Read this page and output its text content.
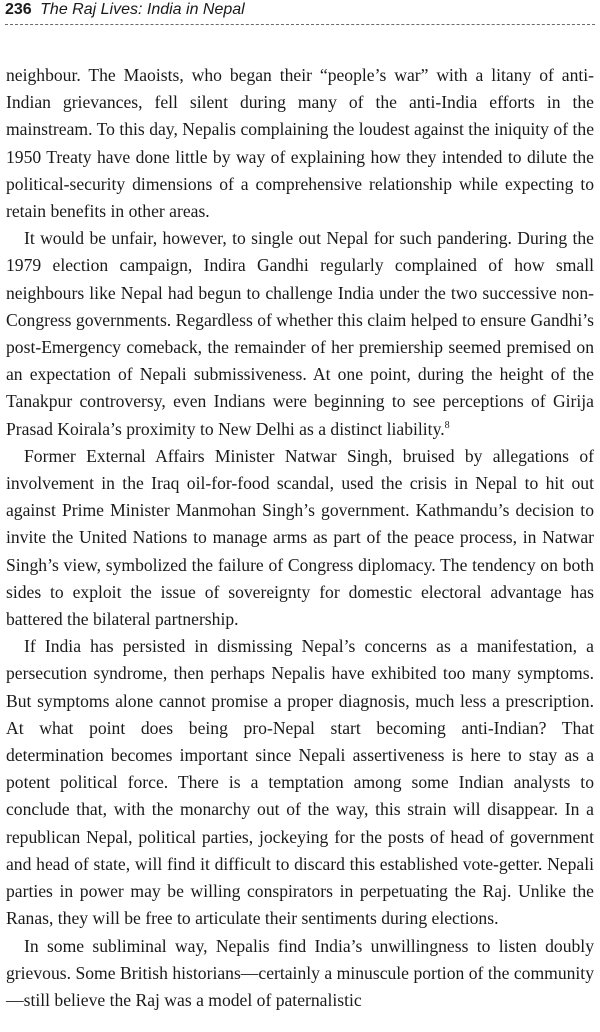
236 The Raj Lives: India in Nepal

neighbour. The Maoists, who began their “people’s war” with a litany of anti-Indian grievances, fell silent during many of the anti-India efforts in the mainstream. To this day, Nepalis complaining the loudest against the iniquity of the 1950 Treaty have done little by way of explaining how they intended to dilute the political-security dimensions of a comprehensive relationship while expecting to retain benefits in other areas.

It would be unfair, however, to single out Nepal for such pandering. During the 1979 election campaign, Indira Gandhi regularly complained of how small neighbours like Nepal had begun to challenge India under the two successive non-Congress governments. Regardless of whether this claim helped to ensure Gandhi’s post-Emergency comeback, the remainder of her premiership seemed premised on an expectation of Nepali submissiveness. At one point, during the height of the Tanakpur controversy, even Indians were beginning to see perceptions of Girija Prasad Koirala’s proximity to New Delhi as a distinct liability.$^8$

Former External Affairs Minister Natwar Singh, bruised by allegations of involvement in the Iraq oil-for-food scandal, used the crisis in Nepal to hit out against Prime Minister Manmohan Singh’s government. Kathmandu’s decision to invite the United Nations to manage arms as part of the peace process, in Natwar Singh’s view, symbolized the failure of Congress diplomacy. The tendency on both sides to exploit the issue of sovereignty for domestic electoral advantage has battered the bilateral partnership.

If India has persisted in dismissing Nepal’s concerns as a manifestation, a persecution syndrome, then perhaps Nepalis have exhibited too many symptoms. But symptoms alone cannot promise a proper diagnosis, much less a prescription. At what point does being pro-Nepal start becoming anti-Indian? That determination becomes important since Nepali assertiveness is here to stay as a potent political force. There is a temptation among some Indian analysts to conclude that, with the monarchy out of the way, this strain will disappear. In a republican Nepal, political parties, jockeying for the posts of head of government and head of state, will find it difficult to discard this established vote-getter. Nepali parties in power may be willing conspirators in perpetuating the Raj. Unlike the Ranas, they will be free to articulate their sentiments during elections.

In some subliminal way, Nepalis find India’s unwillingness to listen doubly grievous. Some British historians—certainly a minuscule portion of the community—still believe the Raj was a model of paternalistic
